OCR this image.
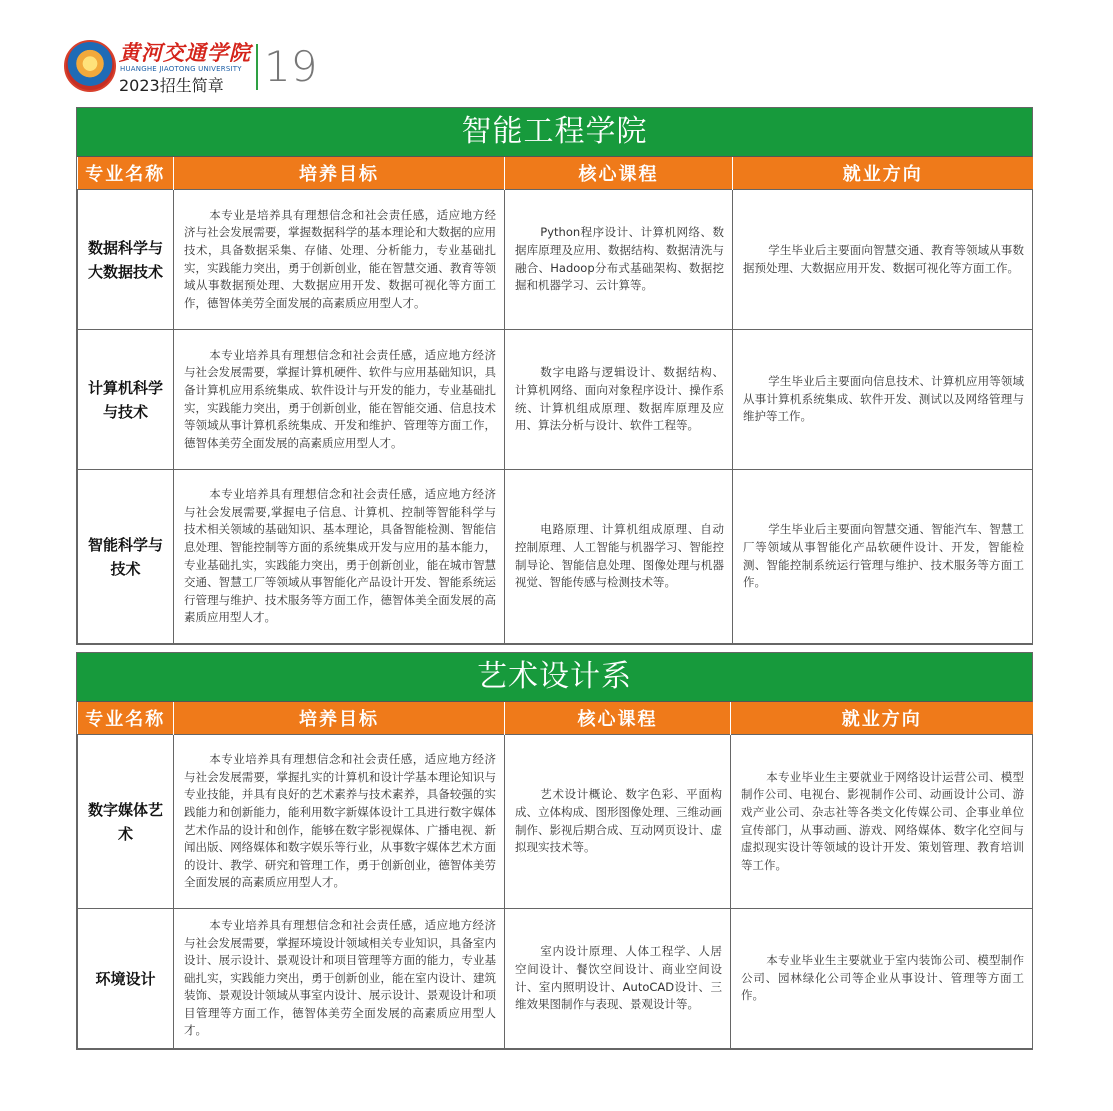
黄河交通学院
HUANGHE JIAOTONG UNIVERSITY
2023招生简章 19
智能工程学院
专业名称	培养目标	核心课程	就业方向
数据科学与大数据技术	本专业是培养具有理想信念和社会责任感，适应地方经济与社会发展需要，掌握数据科学的基本理论和大数据的应用技术，具备数据采集、存储、处理、分析能力，专业基础扎实，实践能力突出，勇于创新创业，能在智慧交通、教育等领域从事数据预处理、大数据应用开发、数据可视化等方面工作，德智体美劳全面发展的高素质应用型人才。	Python程序设计、计算机网络、数据库原理及应用、数据结构、数据清洗与融合、Hadoop分布式基础架构、数据挖掘和机器学习、云计算等。	学生毕业后主要面向智慧交通、教育等领域从事数据预处理、大数据应用开发、数据可视化等方面工作。
计算机科学与技术	本专业培养具有理想信念和社会责任感，适应地方经济与社会发展需要，掌握计算机硬件、软件与应用基础知识，具备计算机应用系统集成、软件设计与开发的能力，专业基础扎实，实践能力突出，勇于创新创业，能在智能交通、信息技术等领域从事计算机系统集成、开发和维护、管理等方面工作，德智体美劳全面发展的高素质应用型人才。	数字电路与逻辑设计、数据结构、计算机网络、面向对象程序设计、操作系统、计算机组成原理、数据库原理及应用、算法分析与设计、软件工程等。	学生毕业后主要面向信息技术、计算机应用等领域从事计算机系统集成、软件开发、测试以及网络管理与维护等工作。
智能科学与技术	本专业培养具有理想信念和社会责任感，适应地方经济与社会发展需要,掌握电子信息、计算机、控制等智能科学与技术相关领域的基础知识、基本理论，具备智能检测、智能信息处理、智能控制等方面的系统集成开发与应用的基本能力，专业基础扎实，实践能力突出，勇于创新创业，能在城市智慧交通、智慧工厂等领域从事智能化产品设计开发、智能系统运行管理与维护、技术服务等方面工作，德智体美全面发展的高素质应用型人才。	电路原理、计算机组成原理、自动控制原理、人工智能与机器学习、智能控制导论、智能信息处理、图像处理与机器视觉、智能传感与检测技术等。	学生毕业后主要面向智慧交通、智能汽车、智慧工厂等领域从事智能化产品软硬件设计、开发，智能检测、智能控制系统运行管理与维护、技术服务等方面工作。
艺术设计系
专业名称	培养目标	核心课程	就业方向
数字媒体艺术	本专业培养具有理想信念和社会责任感，适应地方经济与社会发展需要，掌握扎实的计算机和设计学基本理论知识与专业技能，并具有良好的艺术素养与技术素养，具备较强的实践能力和创新能力，能利用数字新媒体设计工具进行数字媒体艺术作品的设计和创作，能够在数字影视媒体、广播电视、新闻出版、网络媒体和数字娱乐等行业，从事数字媒体艺术方面的设计、教学、研究和管理工作，勇于创新创业，德智体美劳全面发展的高素质应用型人才。	艺术设计概论、数字色彩、平面构成、立体构成、图形图像处理、三维动画制作、影视后期合成、互动网页设计、虚拟现实技术等。	本专业毕业生主要就业于网络设计运营公司、模型制作公司、电视台、影视制作公司、动画设计公司、游戏产业公司、杂志社等各类文化传媒公司、企事业单位宣传部门，从事动画、游戏、网络媒体、数字化空间与虚拟现实设计等领域的设计开发、策划管理、教育培训等工作。
环境设计	本专业培养具有理想信念和社会责任感，适应地方经济与社会发展需要，掌握环境设计领域相关专业知识，具备室内设计、展示设计、景观设计和项目管理等方面的能力，专业基础扎实，实践能力突出，勇于创新创业，能在室内设计、建筑装饰、景观设计领域从事室内设计、展示设计、景观设计和项目管理等方面工作，德智体美劳全面发展的高素质应用型人才。	室内设计原理、人体工程学、人居空间设计、餐饮空间设计、商业空间设计、室内照明设计、AutoCAD设计、三维效果图制作与表现、景观设计等。	本专业毕业生主要就业于室内装饰公司、模型制作公司、园林绿化公司等企业从事设计、管理等方面工作。
